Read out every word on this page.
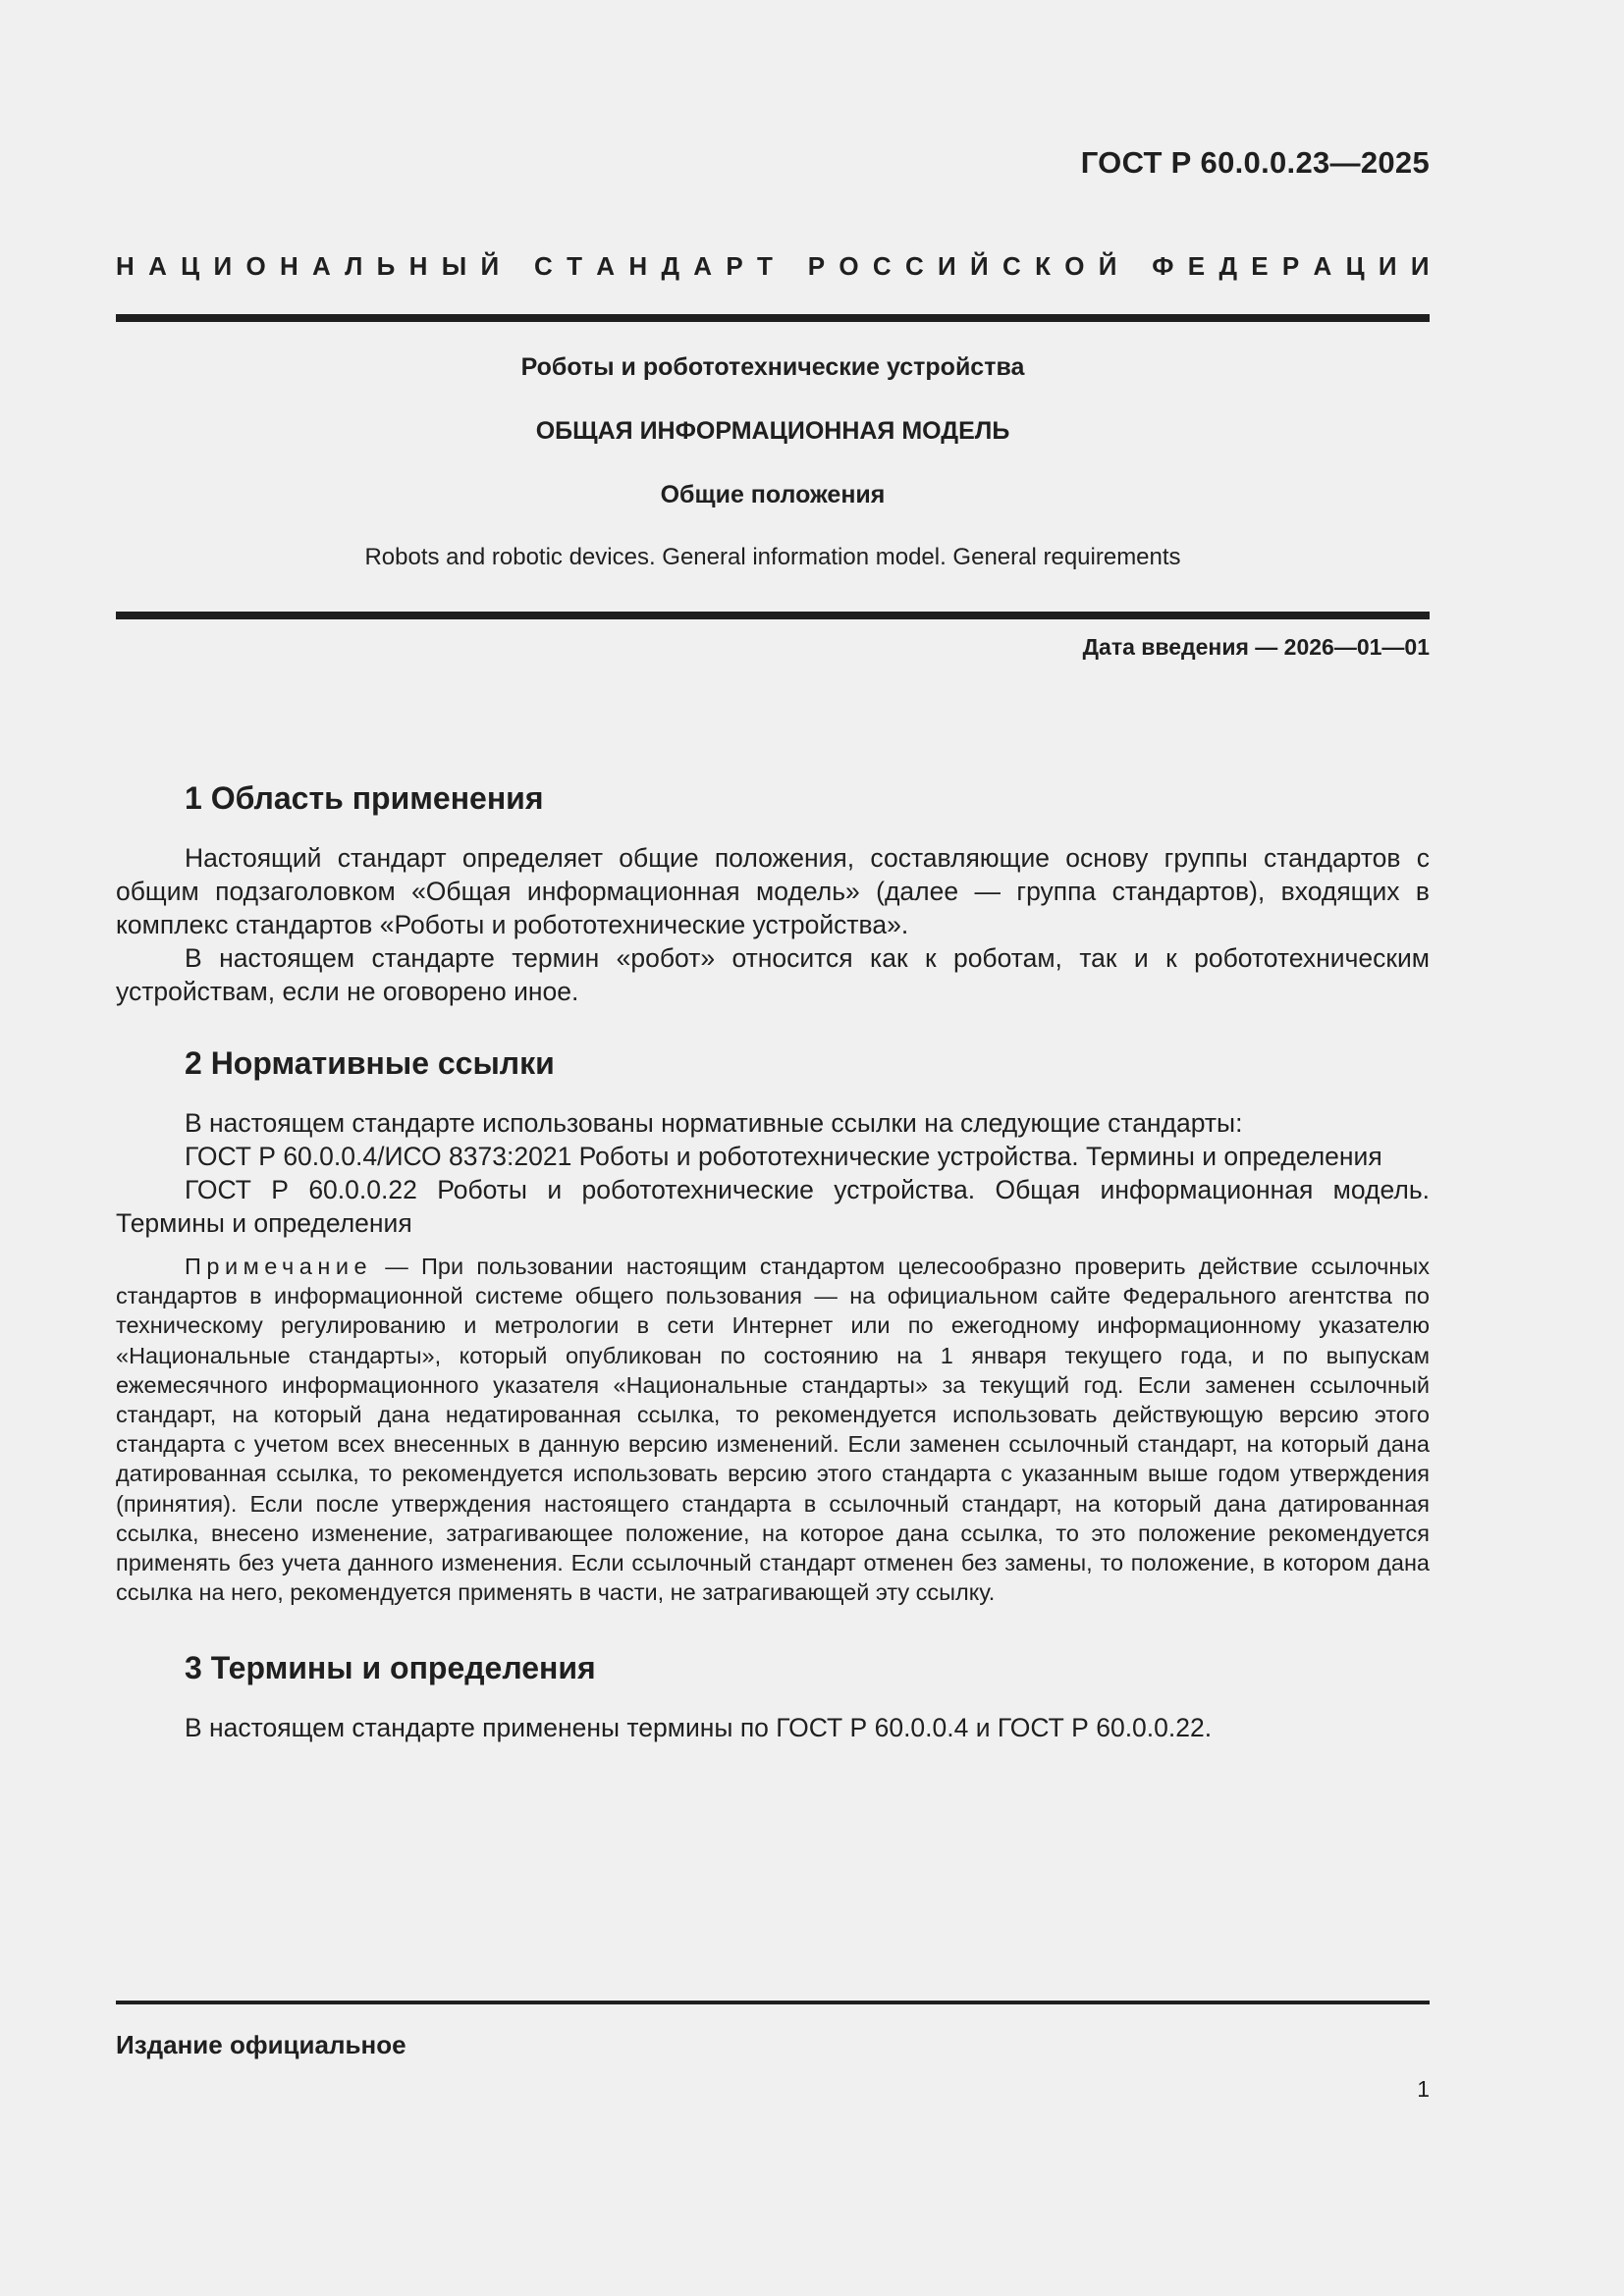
ГОСТ Р 60.0.0.23—2025
Н А Ц И О Н А Л Ь Н Ы Й
С Т А Н Д А Р Т
Р О С С И Й С К О Й
Ф Е Д Е Р А Ц И И
Роботы и робототехнические устройства
ОБЩАЯ ИНФОРМАЦИОННАЯ МОДЕЛЬ
Общие положения
Robots and robotic devices. General information model. General requirements
Дата введения — 2026—01—01
1 Область применения

Настоящий стандарт определяет общие положения, составляющие основу группы стандартов с общим подзаголовком «Общая информационная модель» (далее — группа стандартов), входящих в комплекс стандартов «Роботы и робототехнические устройства».

В настоящем стандарте термин «робот» относится как к роботам, так и к робототехническим устройствам, если не оговорено иное.

2 Нормативные ссылки

В настоящем стандарте использованы нормативные ссылки на следующие стандарты:

ГОСТ Р 60.0.0.4/ИСО 8373:2021 Роботы и робототехнические устройства. Термины и определения

ГОСТ Р 60.0.0.22 Роботы и робототехнические устройства. Общая информационная модель. Термины и определения

Примечание — При пользовании настоящим стандартом целесообразно проверить действие ссылочных стандартов в информационной системе общего пользования — на официальном сайте Федерального агентства по техническому регулированию и метрологии в сети Интернет или по ежегодному информационному указателю «Национальные стандарты», который опубликован по состоянию на 1 января текущего года, и по выпускам ежемесячного информационного указателя «Национальные стандарты» за текущий год. Если заменен ссылочный стандарт, на который дана недатированная ссылка, то рекомендуется использовать действующую версию этого стандарта с учетом всех внесенных в данную версию изменений. Если заменен ссылочный стандарт, на который дана датированная ссылка, то рекомендуется использовать версию этого стандарта с указанным выше годом утверждения (принятия). Если после утверждения настоящего стандарта в ссылочный стандарт, на который дана датированная ссылка, внесено изменение, затрагивающее положение, на которое дана ссылка, то это положение рекомендуется применять без учета данного изменения. Если ссылочный стандарт отменен без замены, то положение, в котором дана ссылка на него, рекомендуется применять в части, не затрагивающей эту ссылку.

3 Термины и определения

В настоящем стандарте применены термины по ГОСТ Р 60.0.0.4 и ГОСТ Р 60.0.0.22.

Издание официальное
1
